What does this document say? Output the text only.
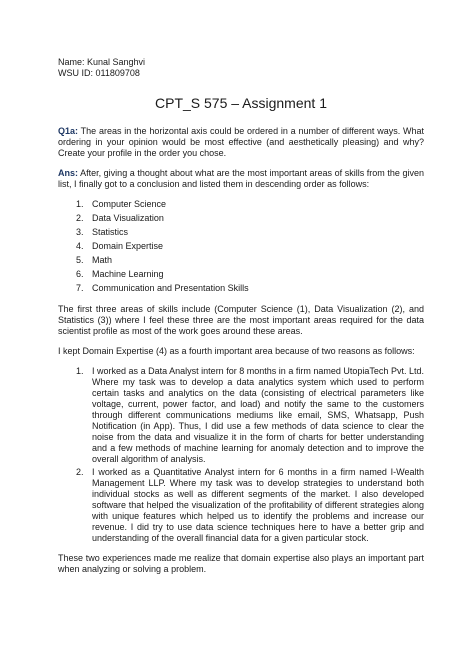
Name: Kunal Sanghvi

WSU ID: 011809708

CPT_S 575 – Assignment 1

Q1a: The areas in the horizontal axis could be ordered in a number of different ways. What ordering in your opinion would be most effective (and aesthetically pleasing) and why? Create your profile in the order you chose.

Ans: After, giving a thought about what are the most important areas of skills from the given list, I finally got to a conclusion and listed them in descending order as follows:

1. Computer Science
2. Data Visualization
3. Statistics
4. Domain Expertise
5. Math
6. Machine Learning
7. Communication and Presentation Skills

The first three areas of skills include (Computer Science (1), Data Visualization (2), and Statistics (3)) where I feel these three are the most important areas required for the data scientist profile as most of the work goes around these areas.

I kept Domain Expertise (4) as a fourth important area because of two reasons as follows:

1. I worked as a Data Analyst intern for 8 months in a firm named UtopiaTech Pvt. Ltd. Where my task was to develop a data analytics system which used to perform certain tasks and analytics on the data (consisting of electrical parameters like voltage, current, power factor, and load) and notify the same to the customers through different communications mediums like email, SMS, Whatsapp, Push Notification (in App). Thus, I did use a few methods of data science to clear the noise from the data and visualize it in the form of charts for better understanding and a few methods of machine learning for anomaly detection and to improve the overall algorithm of analysis.
2. I worked as a Quantitative Analyst intern for 6 months in a firm named I-Wealth Management LLP. Where my task was to develop strategies to understand both individual stocks as well as different segments of the market. I also developed software that helped the visualization of the profitability of different strategies along with unique features which helped us to identify the problems and increase our revenue. I did try to use data science techniques here to have a better grip and understanding of the overall financial data for a given particular stock.

These two experiences made me realize that domain expertise also plays an important part when analyzing or solving a problem.
